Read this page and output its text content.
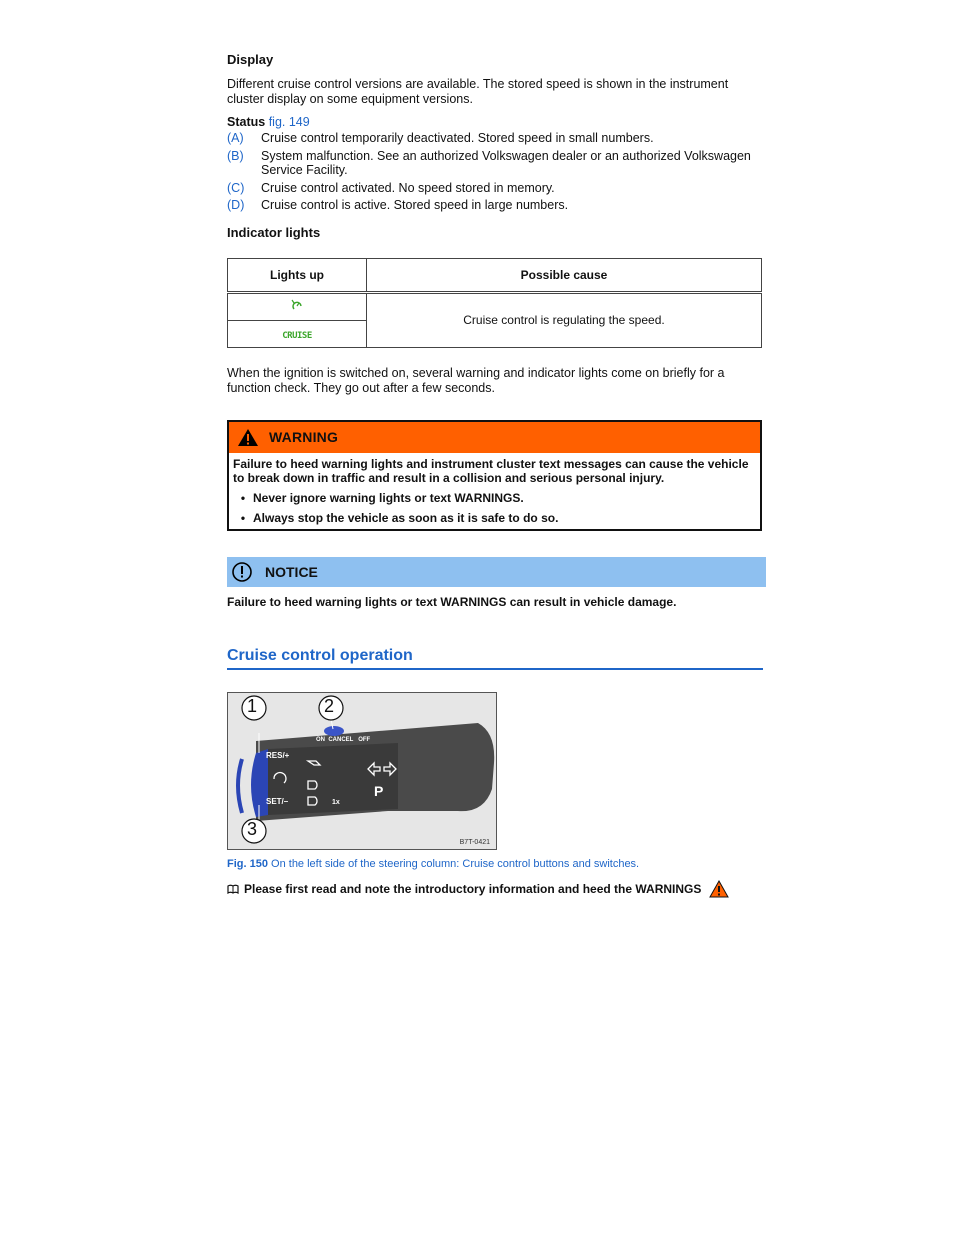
Display

Different cruise control versions are available. The stored speed is shown in the instrument cluster display on some equipment versions.

Status fig. 149
(A)	Cruise control temporarily deactivated. Stored speed in small numbers.
(B)	System malfunction. See an authorized Volkswagen dealer or an authorized Volkswagen Service Facility.
(C)	Cruise control activated. No speed stored in memory.
(D)	Cruise control is active. Stored speed in large numbers.
Indicator lights
Lights up	Possible cause
	Cruise control is regulating the speed.
CRUISE	

When the ignition is switched on, several warning and indicator lights come on briefly for a function check. They go out after a few seconds.

WARNING
Failure to heed warning lights and instrument cluster text messages can cause the vehicle to break down in traffic and result in a collision and serious personal injury.
• Never ignore warning lights or text WARNINGS.
• Always stop the vehicle as soon as it is safe to do so.
NOTICE
Failure to heed warning lights or text WARNINGS can result in vehicle damage.
Cruise control operation
1	2
3
RES/+
SET/–
ON  CANCEL   OFF
P
1x
B7T-0421
Fig. 150 On the left side of the steering column: Cruise control buttons and switches.
Please first read and note the introductory information and heed the WARNINGS
